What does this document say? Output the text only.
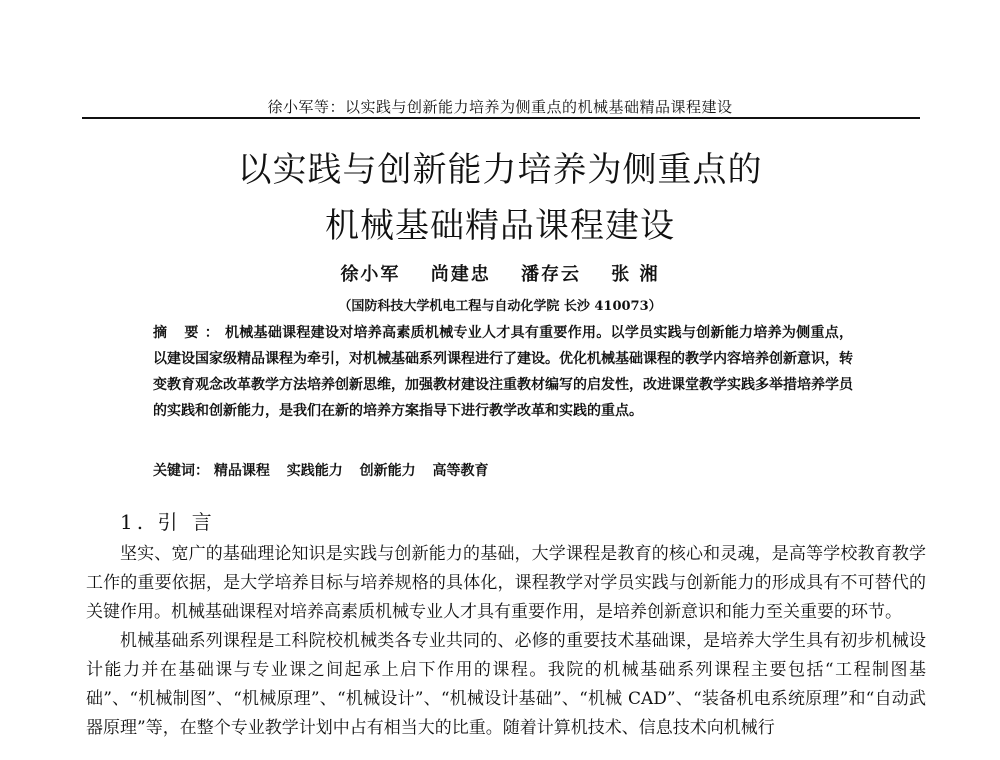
徐小军等：以实践与创新能力培养为侧重点的机械基础精品课程建设
以实践与创新能力培养为侧重点的
机械基础精品课程建设
徐小军 尚建忠 潘存云 张 湘
（国防科技大学机电工程与自动化学院 长沙 410073）
摘 要：机械基础课程建设对培养高素质机械专业人才具有重要作用。以学员实践与创新能力培养为侧重点，以建设国家级精品课程为牵引，对机械基础系列课程进行了建设。优化机械基础课程的教学内容培养创新意识，转变教育观念改革教学方法培养创新思维，加强教材建设注重教材编写的启发性，改进课堂教学实践多举措培养学员的实践和创新能力，是我们在新的培养方案指导下进行教学改革和实践的重点。
关键词： 精品课程 实践能力 创新能力 高等教育
1. 引 言

坚实、宽广的基础理论知识是实践与创新能力的基础，大学课程是教育的核心和灵魂，是高等学校教育教学工作的重要依据，是大学培养目标与培养规格的具体化，课程教学对学员实践与创新能力的形成具有不可替代的关键作用。机械基础课程对培养高素质机械专业人才具有重要作用，是培养创新意识和能力至关重要的环节。

机械基础系列课程是工科院校机械类各专业共同的、必修的重要技术基础课，是培养大学生具有初步机械设计能力并在基础课与专业课之间起承上启下作用的课程。我院的机械基础系列课程主要包括“工程制图基础”、“机械制图”、“机械原理”、“机械设计”、“机械设计基础”、“机械 CAD”、“装备机电系统原理”和“自动武器原理”等，在整个专业教学计划中占有相当大的比重。随着计算机技术、信息技术向机械行
